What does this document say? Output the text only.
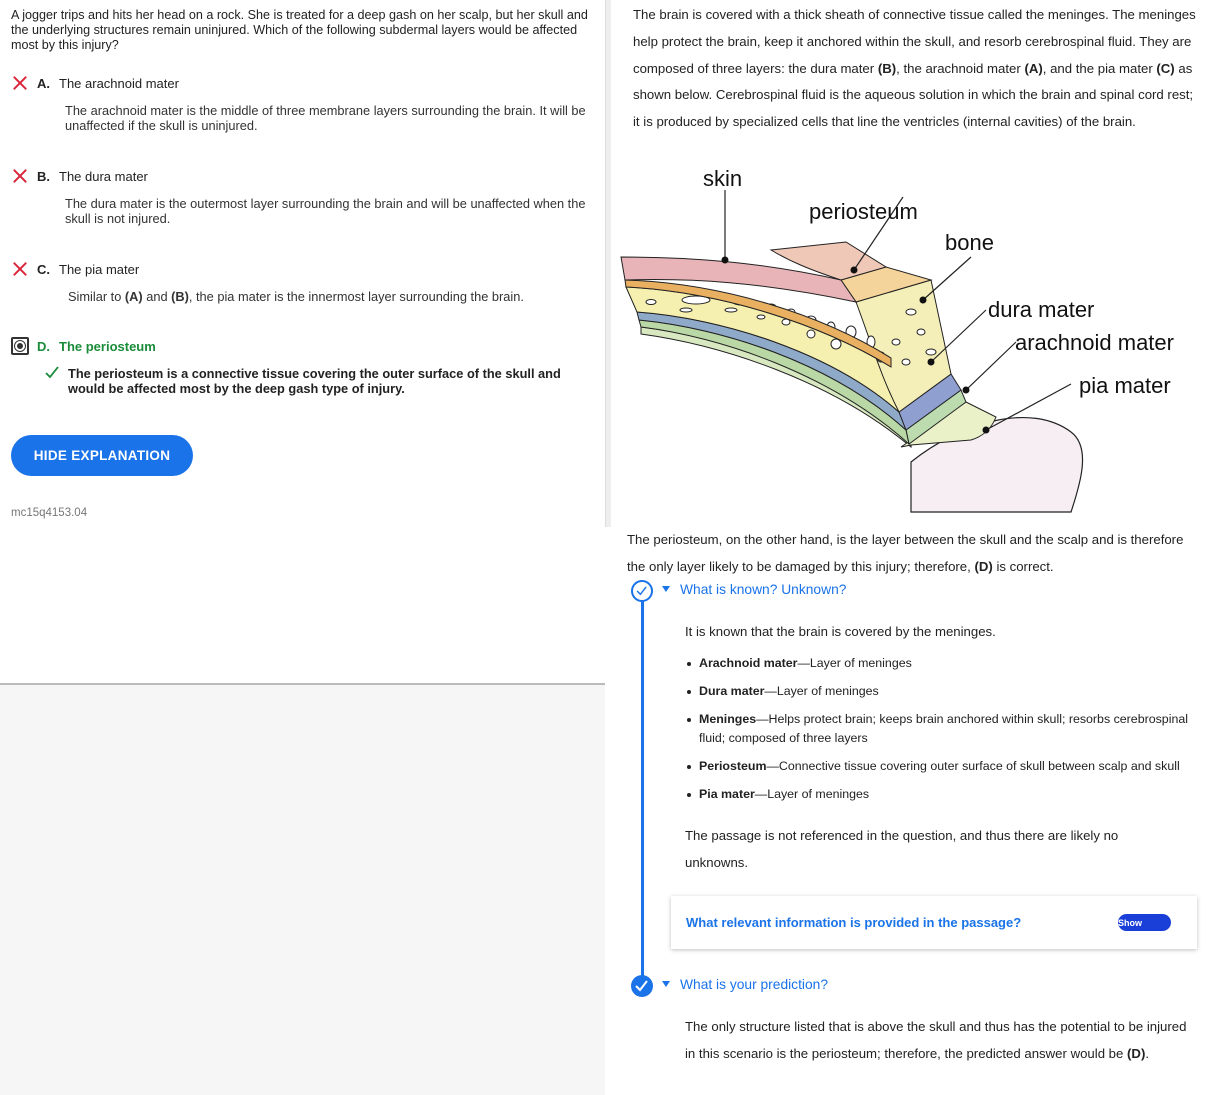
A jogger trips and hits her head on a rock. She is treated for a deep gash on her scalp, but her skull and the underlying structures remain uninjured. Which of the following subdermal layers would be affected most by this injury?
A. The arachnoid mater
The arachnoid mater is the middle of three membrane layers surrounding the brain. It will be unaffected if the skull is uninjured.
B. The dura mater
The dura mater is the outermost layer surrounding the brain and will be unaffected when the skull is not injured.
C. The pia mater
Similar to (A) and (B), the pia mater is the innermost layer surrounding the brain.
D. The periosteum
The periosteum is a connective tissue covering the outer surface of the skull and would be affected most by the deep gash type of injury.
HIDE EXPLANATION
mc15q4153.04
The brain is covered with a thick sheath of connective tissue called the meninges. The meninges help protect the brain, keep it anchored within the skull, and resorb cerebrospinal fluid. They are composed of three layers: the dura mater (B), the arachnoid mater (A), and the pia mater (C) as shown below. Cerebrospinal fluid is the aqueous solution in which the brain and spinal cord rest; it is produced by specialized cells that line the ventricles (internal cavities) of the brain.
skin
periosteum
bone
dura mater
arachnoid mater
pia mater
The periosteum, on the other hand, is the layer between the skull and the scalp and is therefore the only layer likely to be damaged by this injury; therefore, (D) is correct.
What is known? Unknown?
It is known that the brain is covered by the meninges.
Arachnoid mater—Layer of meninges
Dura mater—Layer of meninges
Meninges—Helps protect brain; keeps brain anchored within skull; resorbs cerebrospinal fluid; composed of three layers
Periosteum—Connective tissue covering outer surface of skull between scalp and skull
Pia mater—Layer of meninges
The passage is not referenced in the question, and thus there are likely no unknowns.
What relevant information is provided in the passage?	Show
What is your prediction?
The only structure listed that is above the skull and thus has the potential to be injured in this scenario is the periosteum; therefore, the predicted answer would be (D).
